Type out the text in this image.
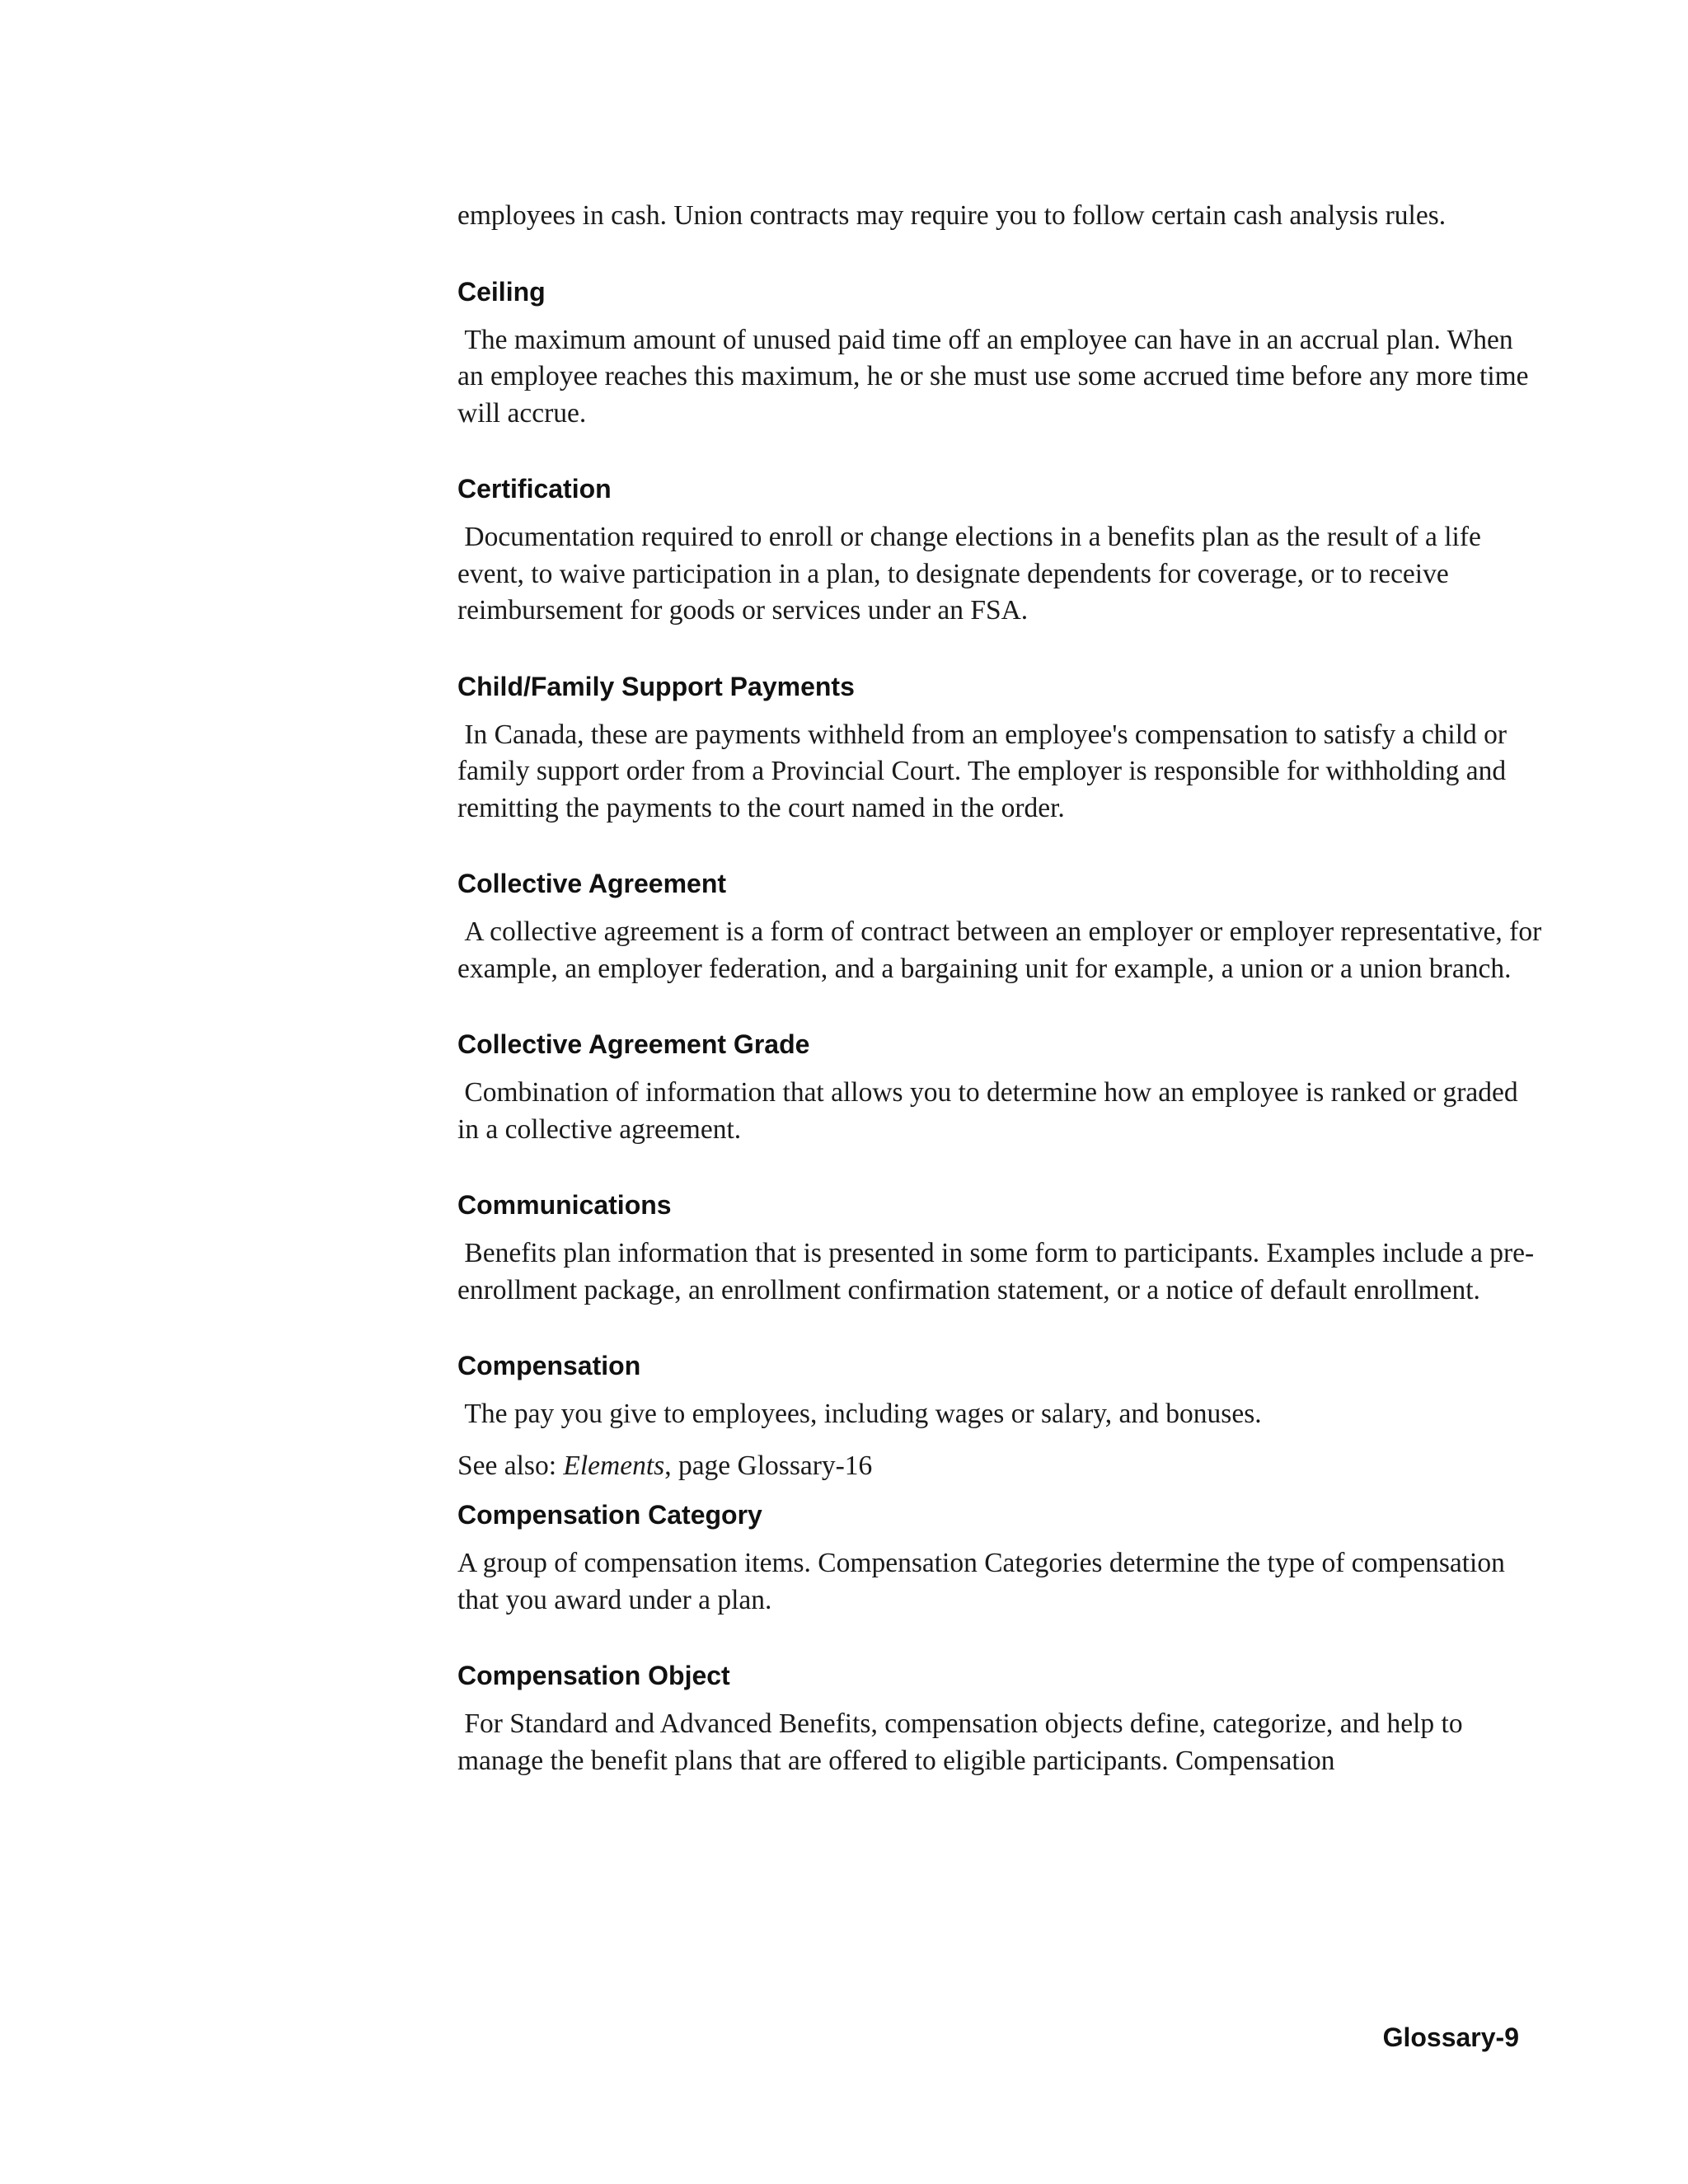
employees in cash. Union contracts may require you to follow certain cash analysis rules.

Ceiling

The maximum amount of unused paid time off an employee can have in an accrual plan. When an employee reaches this maximum, he or she must use some accrued time before any more time will accrue.

Certification

Documentation required to enroll or change elections in a benefits plan as the result of a life event, to waive participation in a plan, to designate dependents for coverage, or to receive reimbursement for goods or services under an FSA.

Child/Family Support Payments

In Canada, these are payments withheld from an employee's compensation to satisfy a child or family support order from a Provincial Court. The employer is responsible for withholding and remitting the payments to the court named in the order.

Collective Agreement

A collective agreement is a form of contract between an employer or employer representative, for example, an employer federation, and a bargaining unit for example, a union or a union branch.

Collective Agreement Grade

Combination of information that allows you to determine how an employee is ranked or graded in a collective agreement.

Communications

Benefits plan information that is presented in some form to participants. Examples include a pre-enrollment package, an enrollment confirmation statement, or a notice of default enrollment.

Compensation

The pay you give to employees, including wages or salary, and bonuses.

See also: Elements, page Glossary-16

Compensation Category

A group of compensation items. Compensation Categories determine the type of compensation that you award under a plan.

Compensation Object

For Standard and Advanced Benefits, compensation objects define, categorize, and help to manage the benefit plans that are offered to eligible participants. Compensation

Glossary-9
